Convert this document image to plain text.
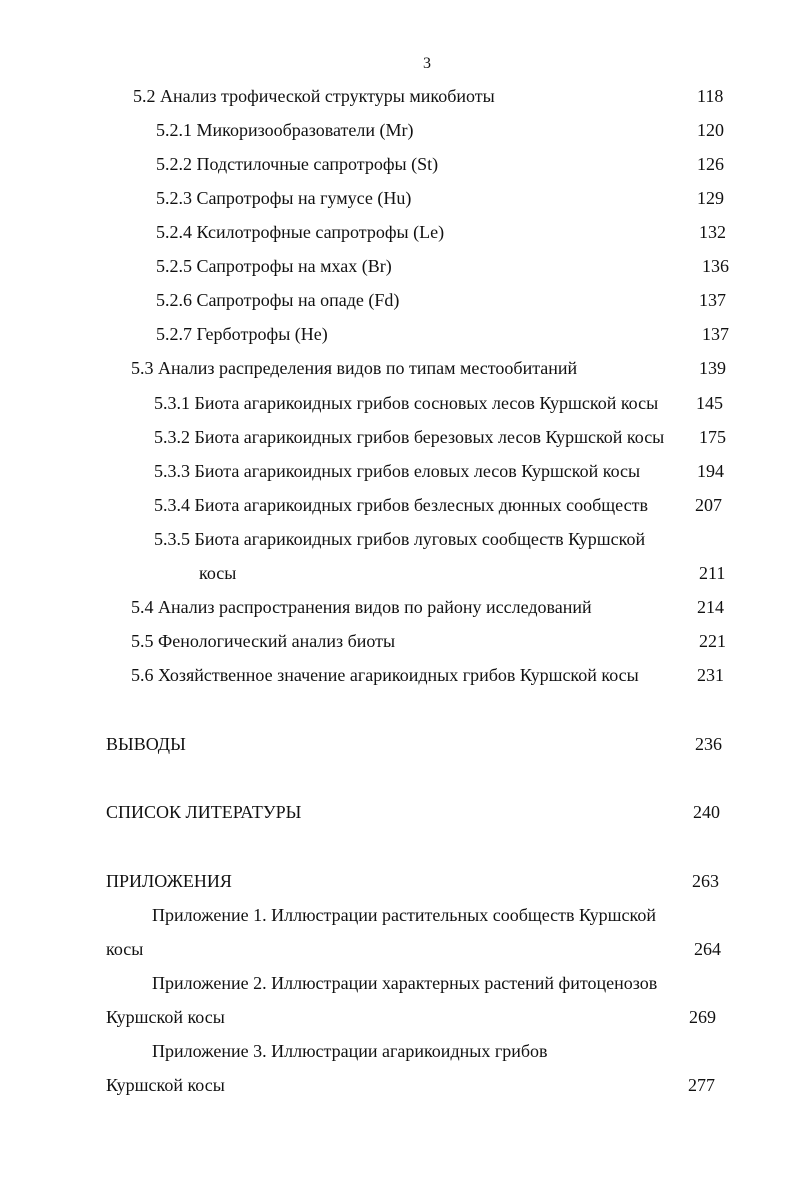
3
5.2 Анализ трофической структуры микобиоты	118
5.2.1 Микоризообразователи (Mr)	120
5.2.2 Подстилочные сапротрофы (St)	126
5.2.3 Сапротрофы на гумусе (Hu)	129
5.2.4 Ксилотрофные сапротрофы (Le)	132
5.2.5 Сапротрофы на мхах (Br)	136
5.2.6 Сапротрофы на опаде (Fd)	137
5.2.7 Герботрофы (He)	137
5.3 Анализ распределения видов по типам местообитаний	139
5.3.1 Биота агарикоидных грибов сосновых лесов Куршской косы 145
5.3.2 Биота агарикоидных грибов березовых лесов Куршской косы 175
5.3.3 Биота агарикоидных грибов еловых лесов Куршской косы	194
5.3.4 Биота агарикоидных грибов безлесных дюнных сообществ	207
5.3.5 Биота агарикоидных грибов луговых сообществ Куршской
косы	211
5.4 Анализ распространения видов по району исследований	214
5.5 Фенологический анализ биоты	221
5.6 Хозяйственное значение агарикоидных грибов Куршской косы	231
ВЫВОДЫ	236
СПИСОК ЛИТЕРАТУРЫ	240
ПРИЛОЖЕНИЯ	263
Приложение 1. Иллюстрации растительных сообществ Куршской
косы	264
Приложение 2. Иллюстрации характерных растений фитоценозов
Куршской косы	269
Приложение 3. Иллюстрации агарикоидных грибов
Куршской косы	277
